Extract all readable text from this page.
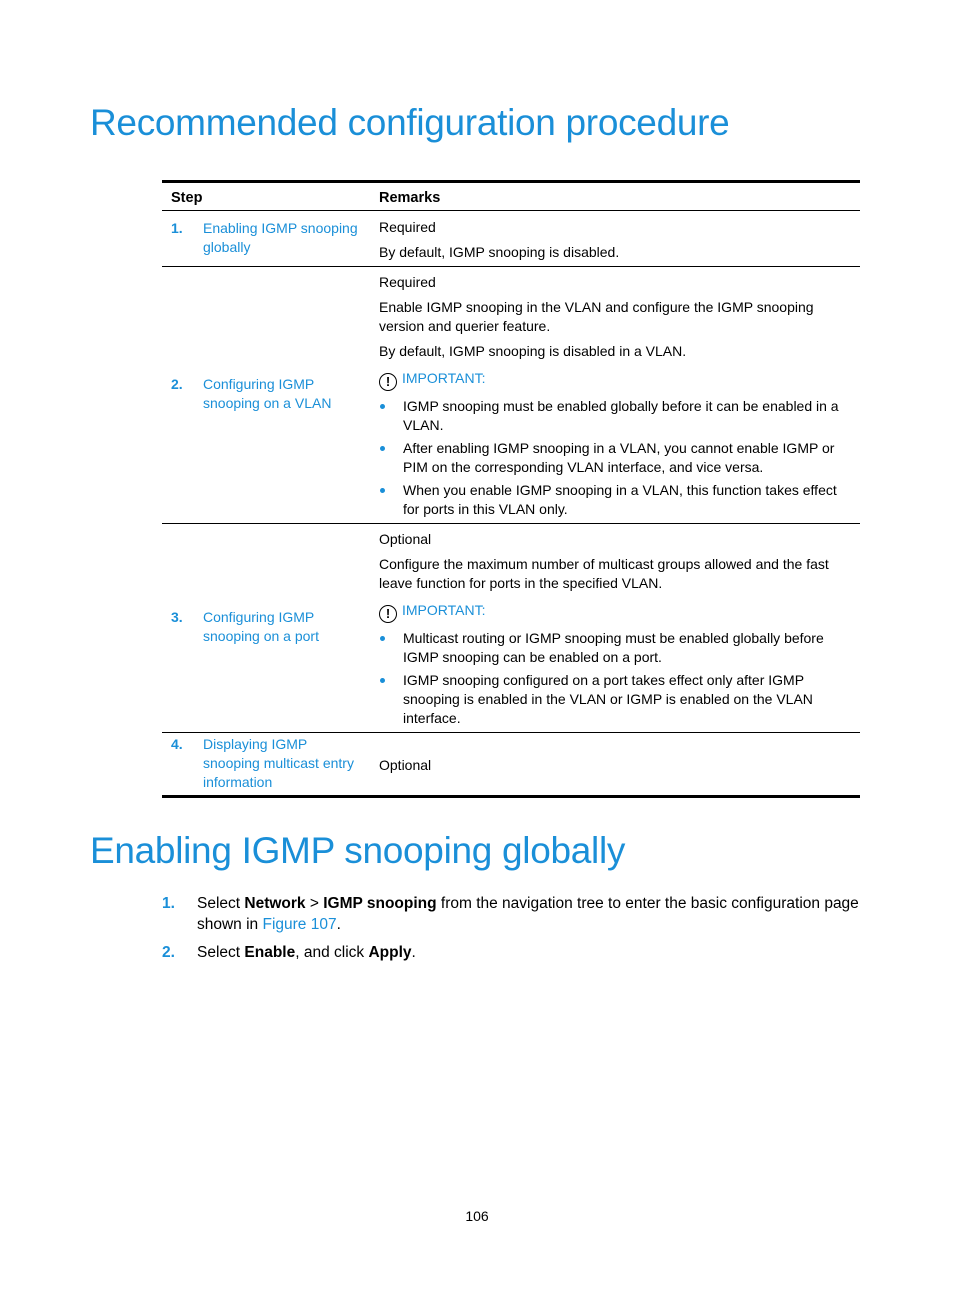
Recommended configuration procedure
Step	Remarks
1. Enabling IGMP snooping globally
Required
By default, IGMP snooping is disabled.
2. Configuring IGMP snooping on a VLAN
Required
Enable IGMP snooping in the VLAN and configure the IGMP snooping version and querier feature.
By default, IGMP snooping is disabled in a VLAN.
! IMPORTANT:
IGMP snooping must be enabled globally before it can be enabled in a VLAN.
After enabling IGMP snooping in a VLAN, you cannot enable IGMP or PIM on the corresponding VLAN interface, and vice versa.
When you enable IGMP snooping in a VLAN, this function takes effect for ports in this VLAN only.
3. Configuring IGMP snooping on a port
Optional
Configure the maximum number of multicast groups allowed and the fast leave function for ports in the specified VLAN.
! IMPORTANT:
Multicast routing or IGMP snooping must be enabled globally before IGMP snooping can be enabled on a port.
IGMP snooping configured on a port takes effect only after IGMP snooping is enabled in the VLAN or IGMP is enabled on the VLAN interface.
4. Displaying IGMP snooping multicast entry information
Optional
Enabling IGMP snooping globally
1. Select Network > IGMP snooping from the navigation tree to enter the basic configuration page shown in Figure 107.
2. Select Enable, and click Apply.
106
